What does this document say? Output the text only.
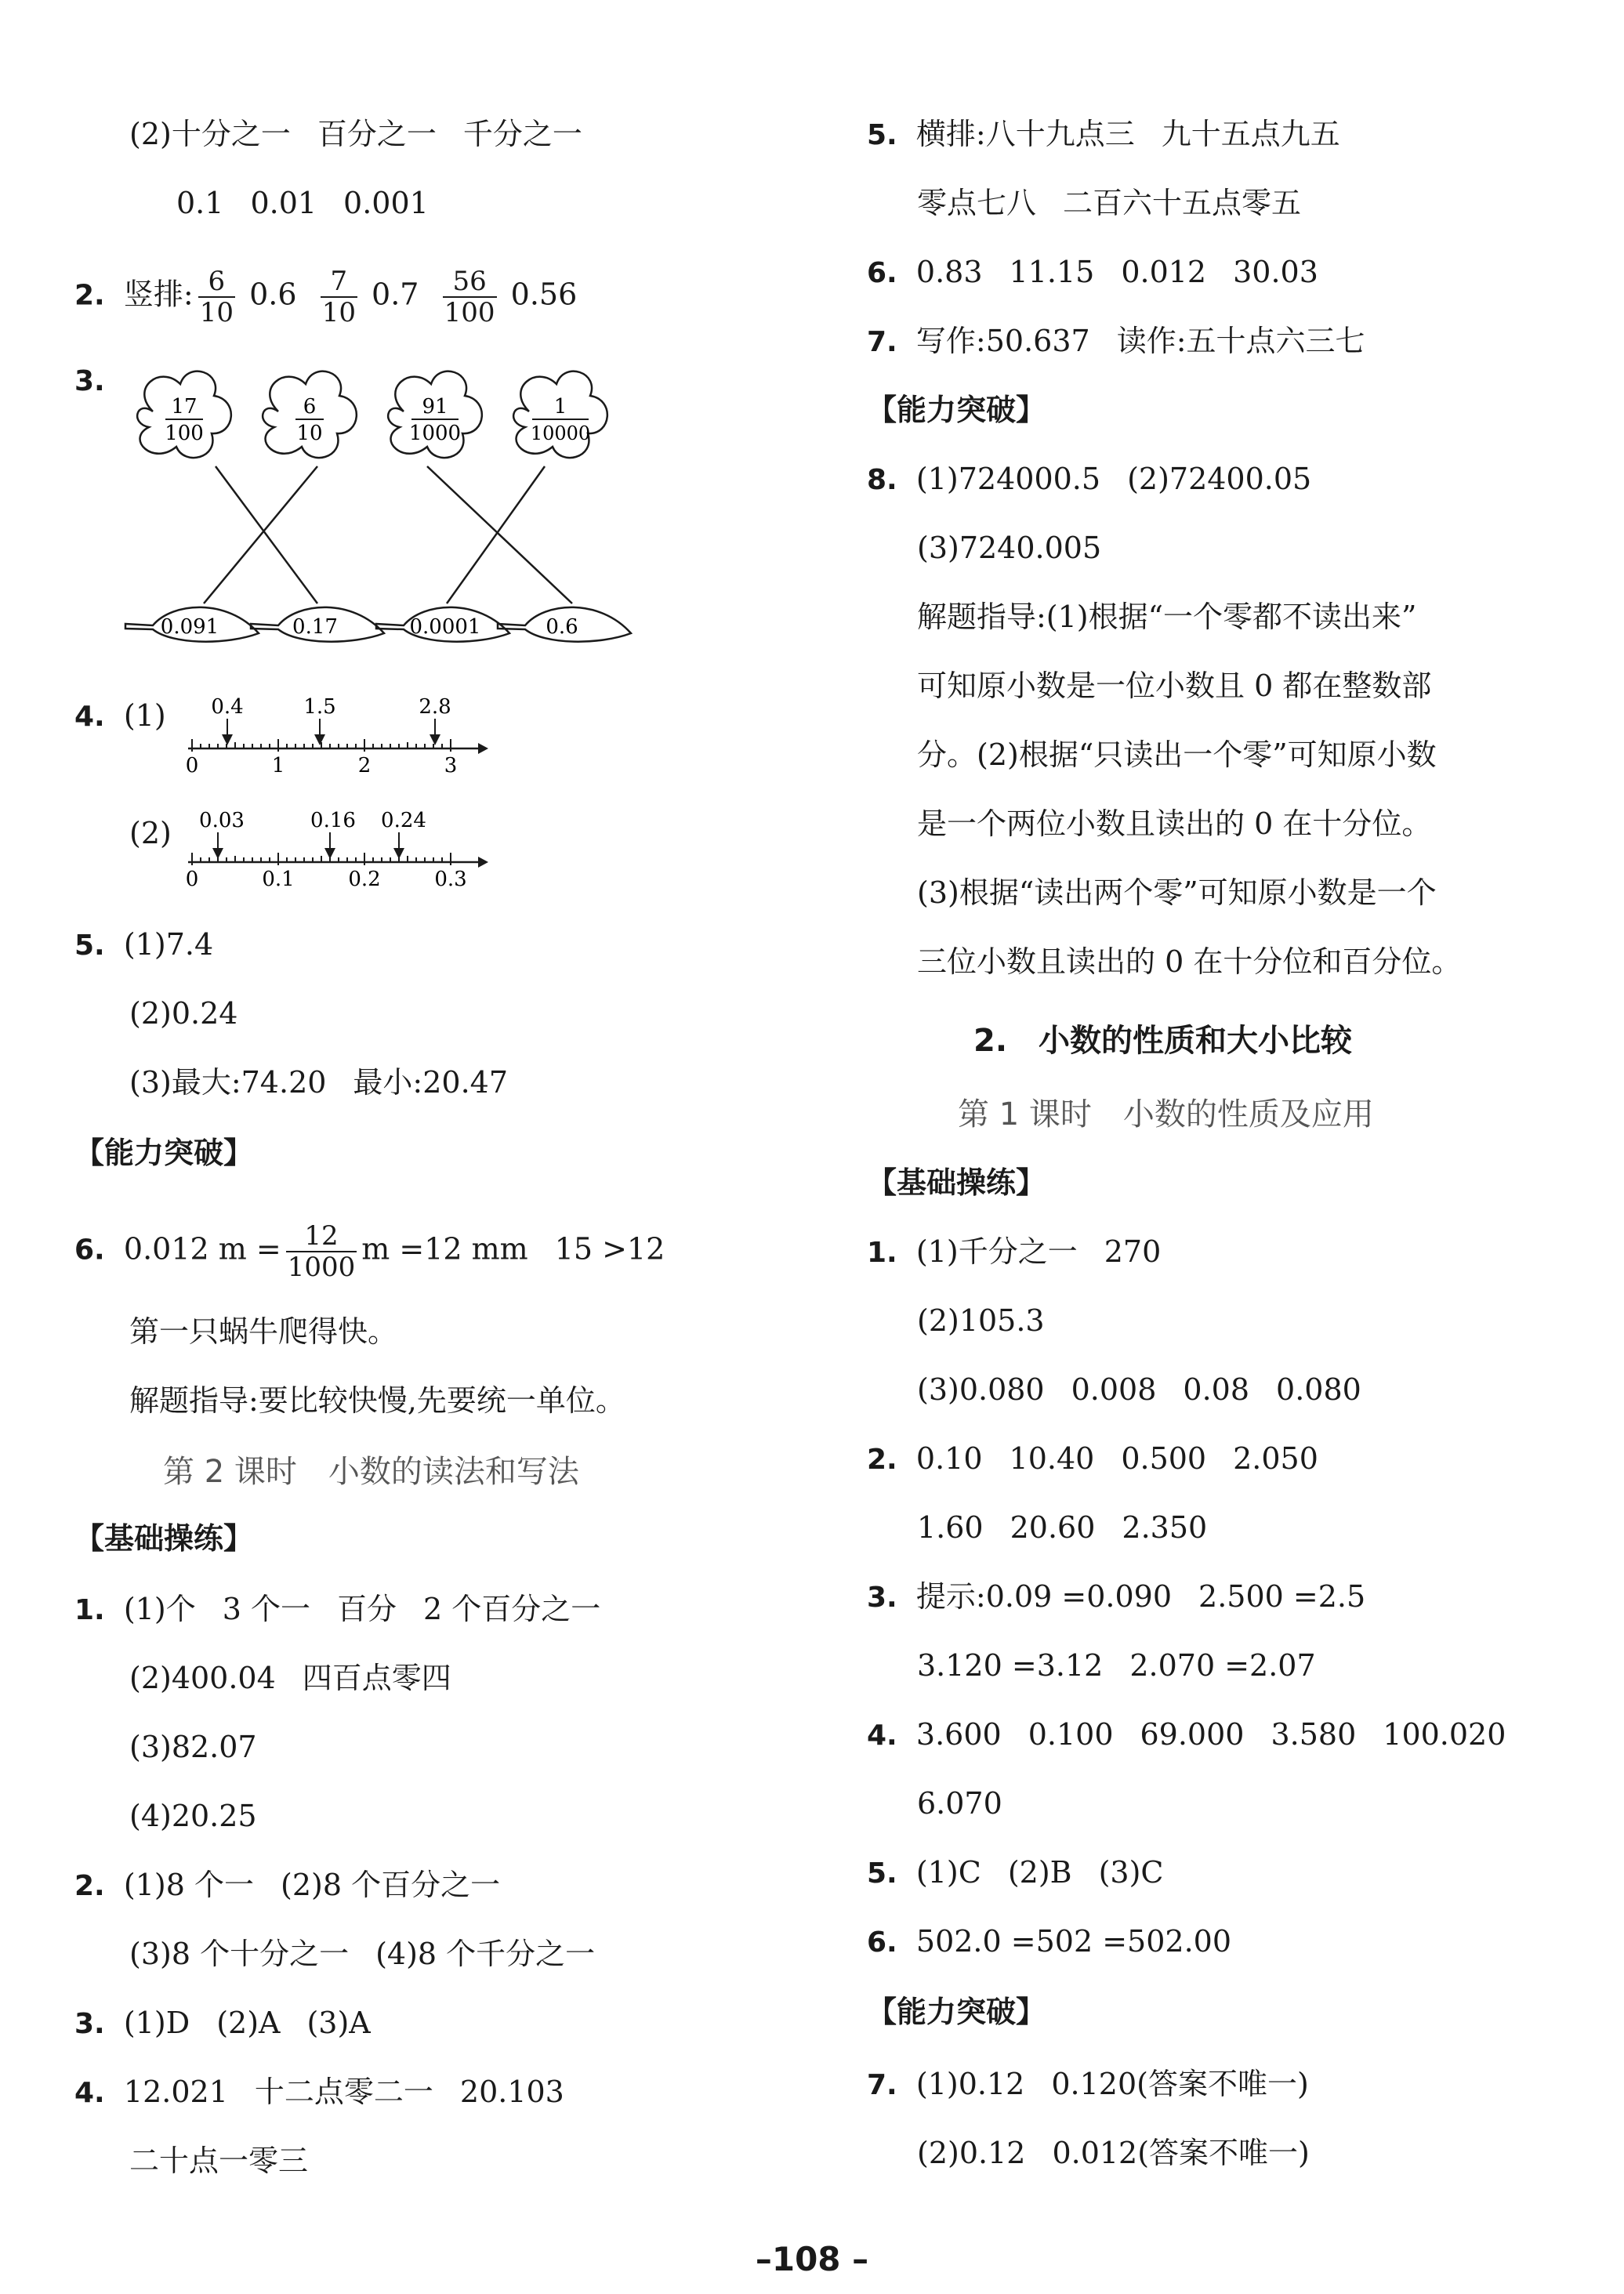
(2)十分之一 百分之一 千分之一
0.1 0.01 0.001
2. 竖排: $\frac{6}{10} 0.6 \frac{7}{10} 0.7 \frac{56}{100} 0.56$
3.
17
100
6
10
91
1000
1
10000
0.091	0.17	0.0001	0.6
4. (1) 0.4	1.5	2.8
0	1	2	3
(2) 0.03	0.16 0.24
0	0.1	0.2	0.3
5. (1)7.4
(2)0.24
(3)最大:74.20 最小:20.47
【能力突破】
6. 0.012 $m = \frac{12}{1000}$ m =12 mm 15 >12
第一只蜗牛爬得快。
解题指导:要比较快慢,先要统一单位。
第 2 课时　小数的读法和写法
【基础操练】
1. (1)个 3 个一 百分 2 个百分之一
(2)400.04 四百点零四
(3)82.07
(4)20.25
2. (1)8 个一 (2)8 个百分之一
(3)8 个十分之一 (4)8 个千分之一
3. (1)D (2)A (3)A
4. 12.021 十二点零二一 20.103
二十点一零三
5. 横排:八十九点三 九十五点九五
零点七八 二百六十五点零五
6. 0.83 11.15 0.012 30.03
7. 写作:50.637 读作:五十点六三七
【能力突破】
8. (1)724000.5 (2)72400.05
(3)7240.005
解题指导:(1)根据“一个零都不读出来”
可知原小数是一位小数且 0 都在整数部
分。(2)根据“只读出一个零”可知原小数
是一个两位小数且读出的 0 在十分位。
(3)根据“读出两个零”可知原小数是一个
三位小数且读出的 0 在十分位和百分位。
2.　小数的性质和大小比较
第 1 课时　小数的性质及应用
【基础操练】
1. (1)千分之一 270
(2)105.3
(3)0.080 0.008 0.08 0.080
2. 0.10 10.40 0.500 2.050
1.60 20.60 2.350
3. 提示:0.09 =0.090 2.500 =2.5
3.120 =3.12 2.070 =2.07
4. 3.600 0.100 69.000 3.580 100.020
6.070
5. (1)C (2)B (3)C
6. 502.0 =502 =502.00
【能力突破】
7. (1)0.12 0.120(答案不唯一)
(2)0.12 0.012(答案不唯一)
–108 –
